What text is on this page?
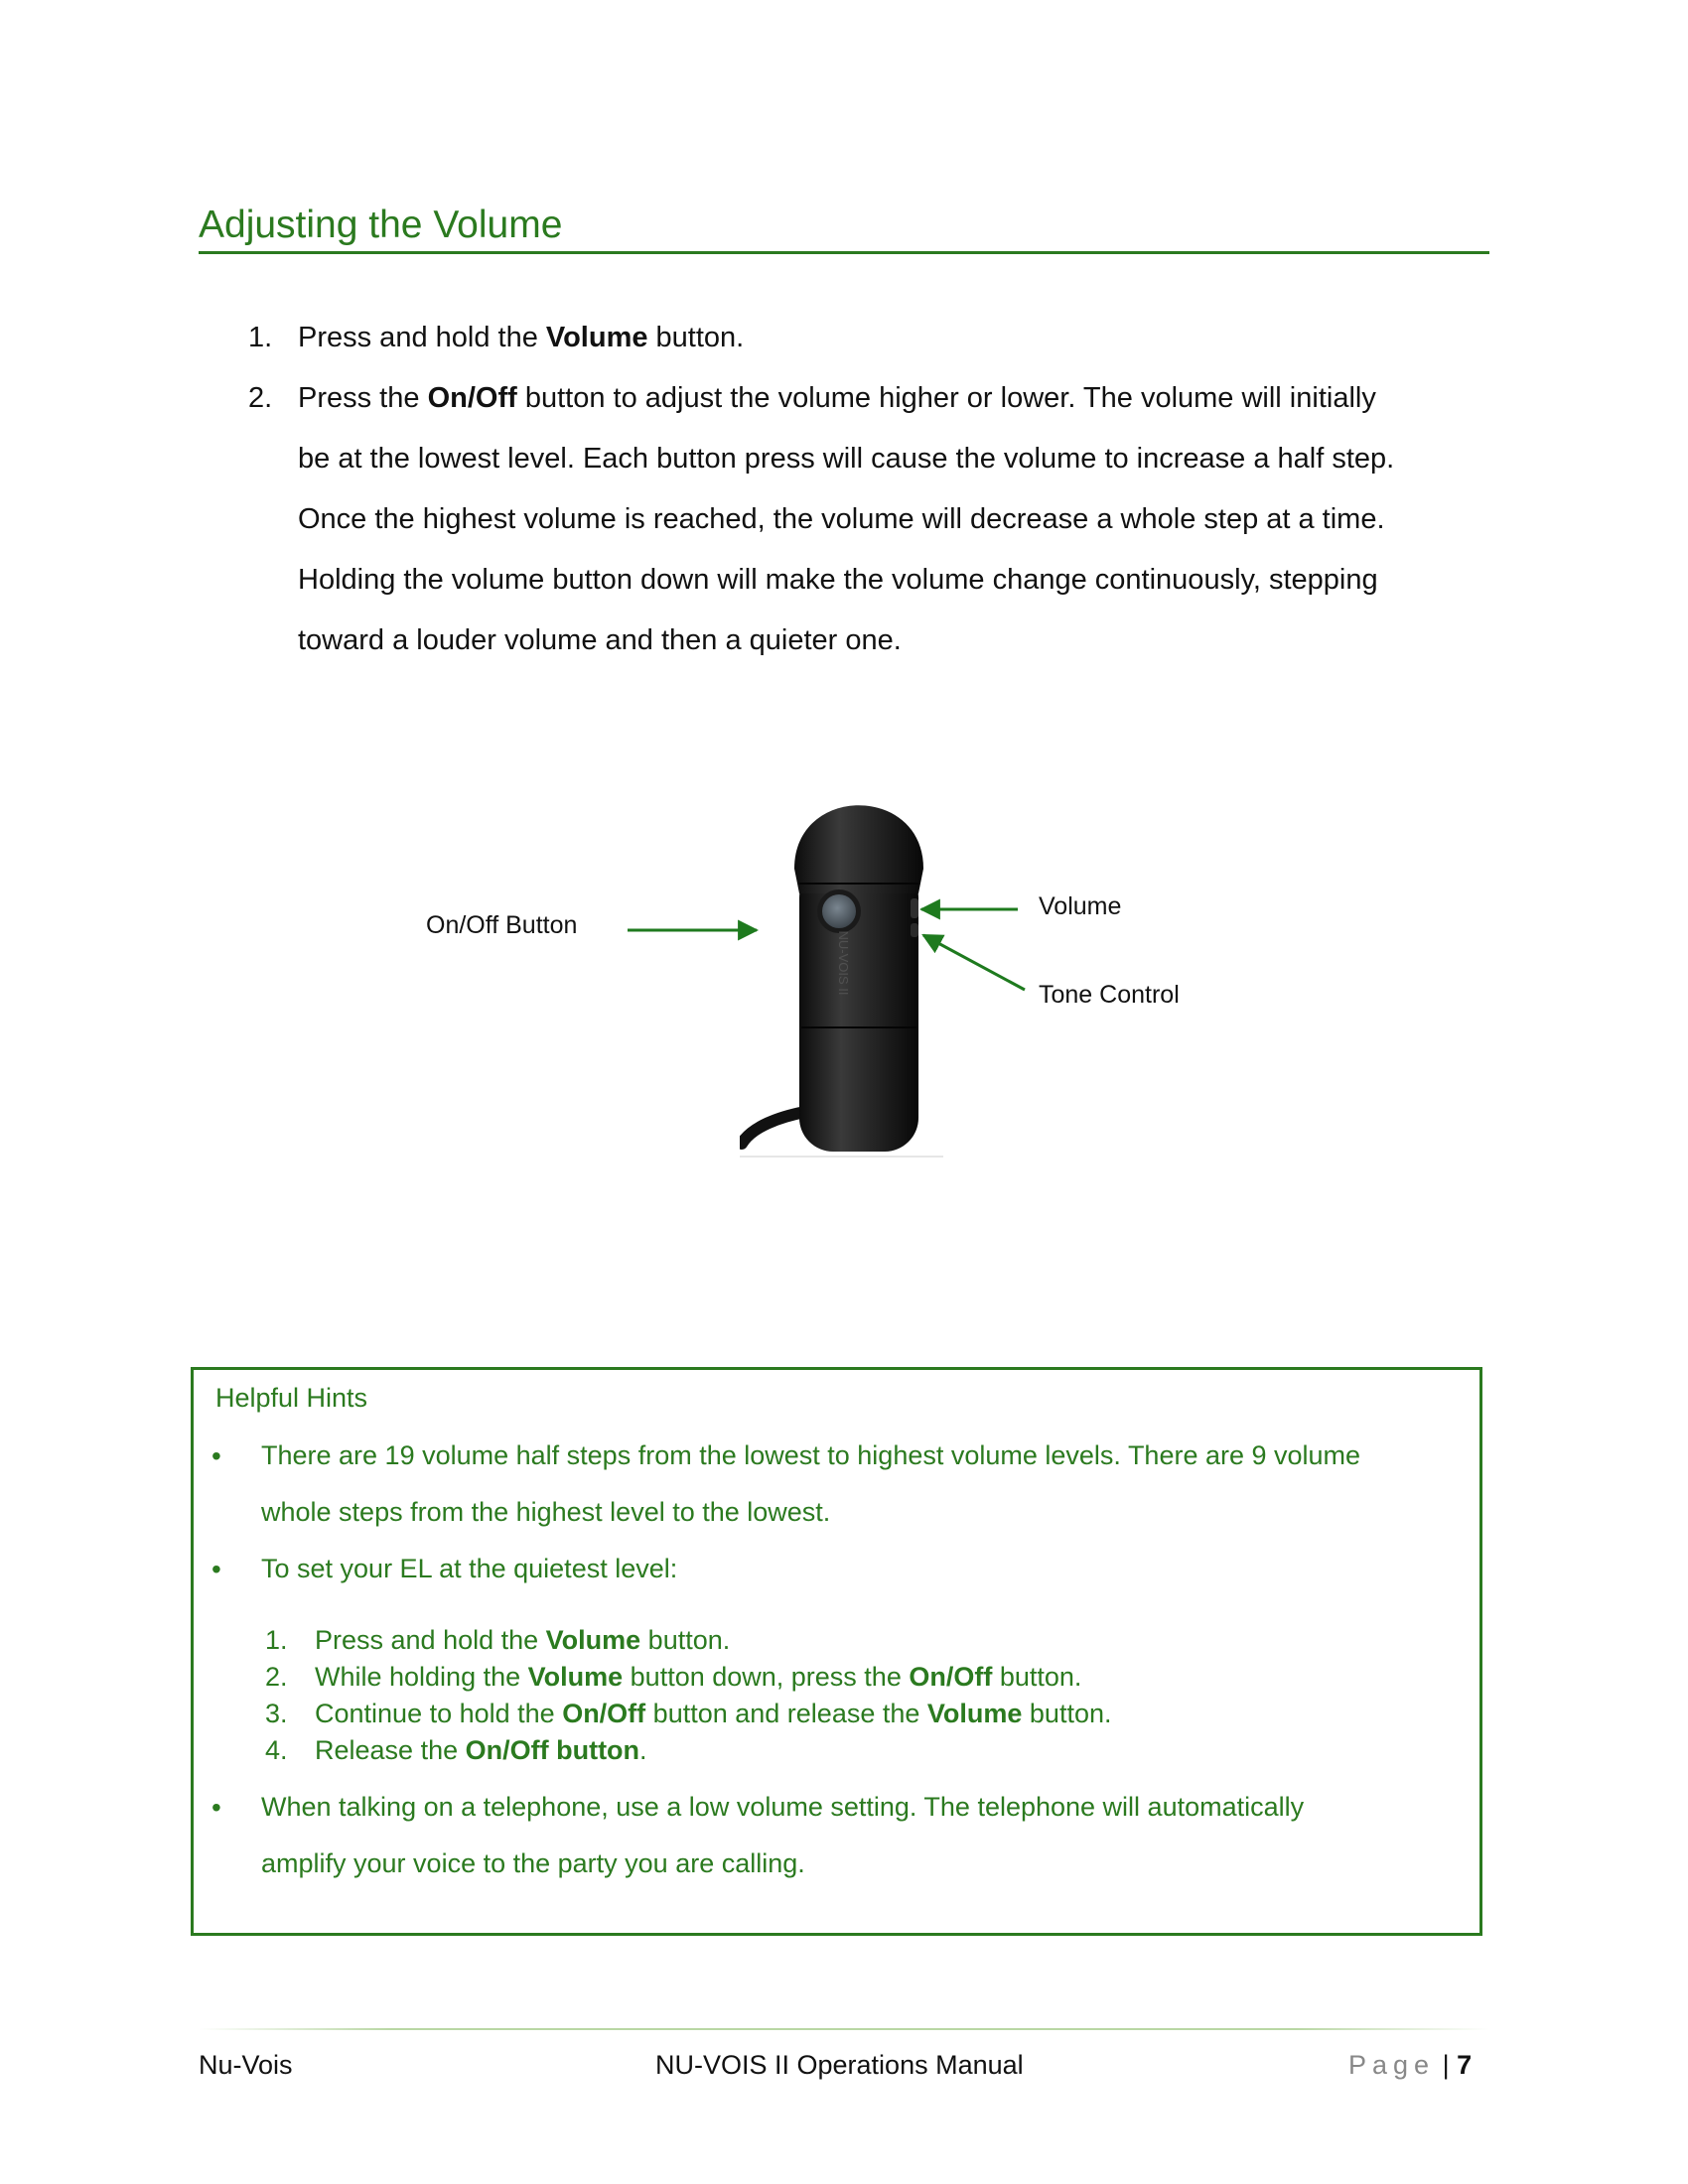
Adjusting the Volume
1. Press and hold the Volume button.
2. Press the On/Off button to adjust the volume higher or lower. The volume will initially
be at the lowest level. Each button press will cause the volume to increase a half step.
Once the highest volume is reached, the volume will decrease a whole step at a time.
Holding the volume button down will make the volume change continuously, stepping
toward a louder volume and then a quieter one.
NU-VOIS II
On/Off Button
Volume
Tone Control
Helpful Hints
•	There are 19 volume half steps from the lowest to highest volume levels. There are 9 volume
whole steps from the highest level to the lowest.
•	To set your EL at the quietest level:
1.	Press and hold the Volume button.
2.	While holding the Volume button down, press the On/Off button.
3.	Continue to hold the On/Off button and release the Volume button.
4.	Release the On/Off button.
•	When talking on a telephone, use a low volume setting. The telephone will automatically
amplify your voice to the party you are calling.
Nu-Vois	NU-VOIS II Operations Manual	Page | 7
